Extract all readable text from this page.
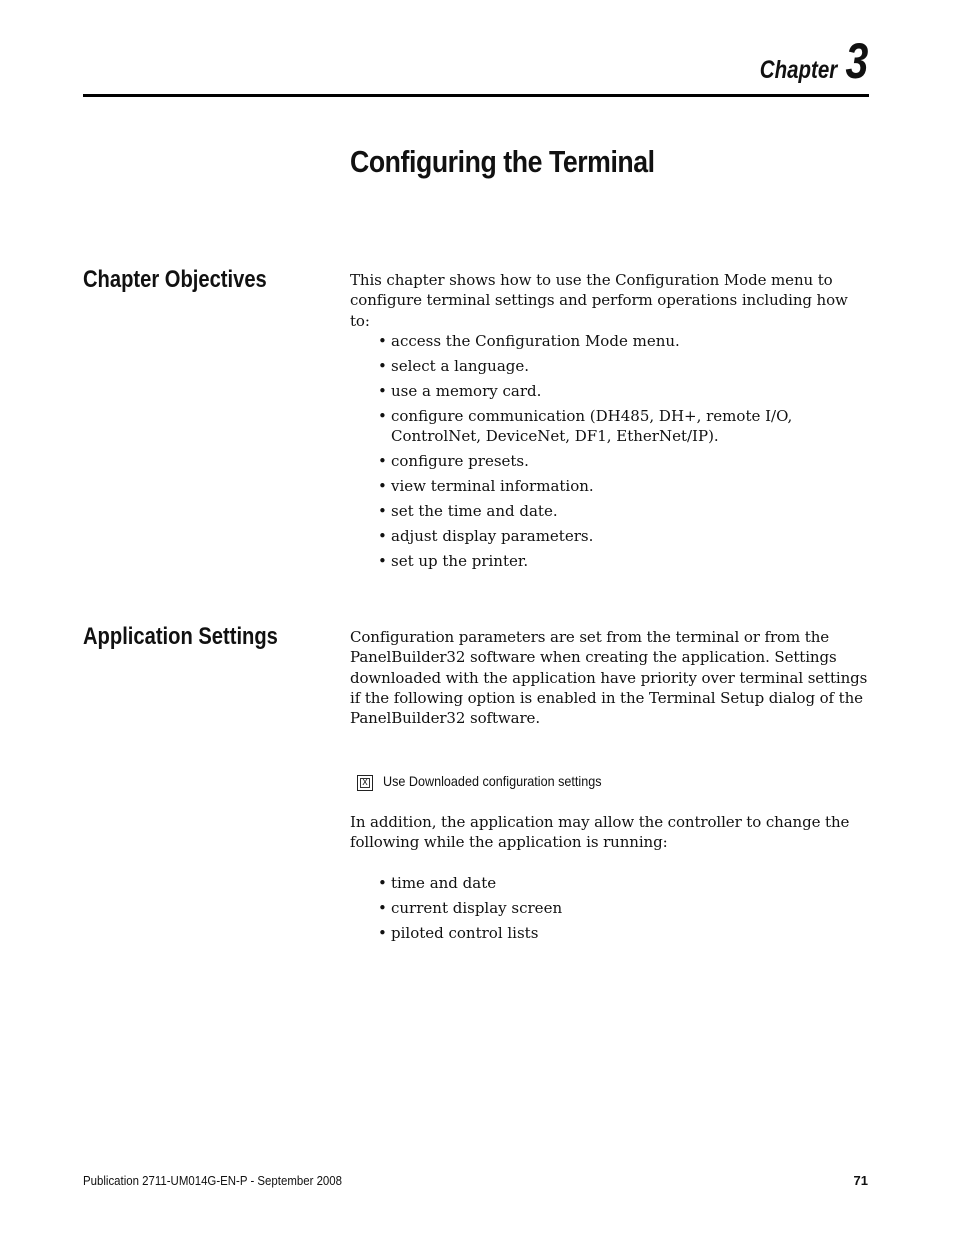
Chapter 3
Configuring the Terminal
Chapter Objectives	This chapter shows how to use the Configuration Mode menu to configure terminal settings and perform operations including how to:

• access the Configuration Mode menu.
• select a language.
• use a memory card.
• configure communication (DH485, DH+, remote I/O, ControlNet, DeviceNet, DF1, EtherNet/IP).
• configure presets.
• view terminal information.
• set the time and date.
• adjust display parameters.
• set up the printer.
Application Settings	Configuration parameters are set from the terminal or from the PanelBuilder32 software when creating the application. Settings downloaded with the application have priority over terminal settings if the following option is enabled in the Terminal Setup dialog of the PanelBuilder32 software.

X Use Downloaded configuration settings

In addition, the application may allow the controller to change the following while the application is running:

• time and date
• current display screen
• piloted control lists
Publication 2711-UM014G-EN-P - September 2008	71
